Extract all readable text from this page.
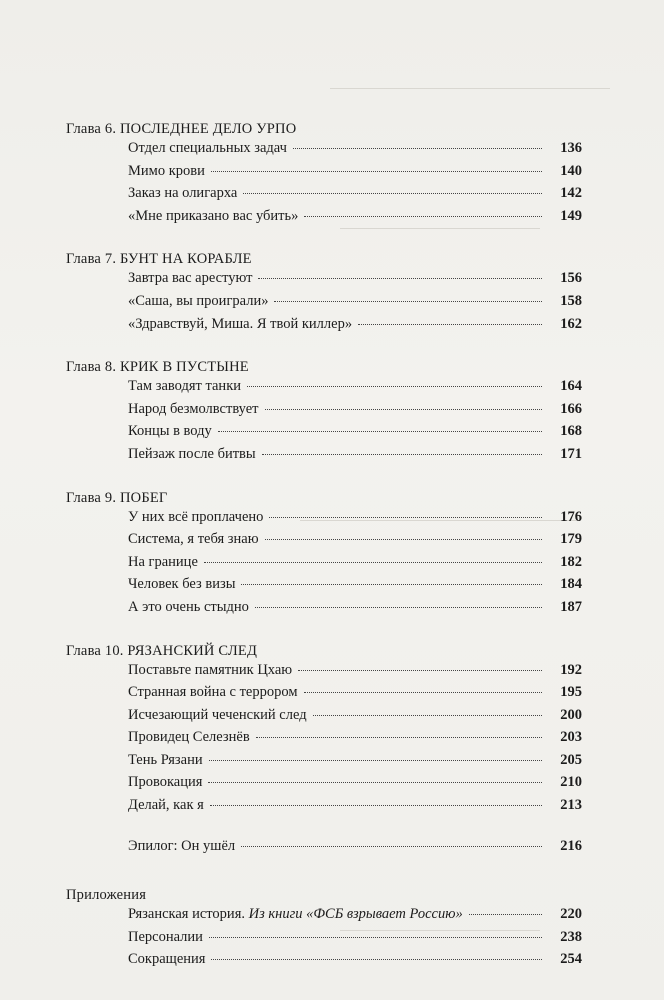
Глава 6. ПОСЛЕДНЕЕ ДЕЛО УРПО
Отдел специальных задач	136
Мимо крови	140
Заказ на олигарха	142
«Мне приказано вас убить»	149
Глава 7. БУНТ НА КОРАБЛЕ
Завтра вас арестуют	156
«Саша, вы проиграли»	158
«Здравствуй, Миша. Я твой киллер»	162
Глава 8. КРИК В ПУСТЫНЕ
Там заводят танки	164
Народ безмолвствует	166
Концы в воду	168
Пейзаж после битвы	171
Глава 9. ПОБЕГ
У них всё проплачено	176
Система, я тебя знаю	179
На границе	182
Человек без визы	184
А это очень стыдно	187
Глава 10. РЯЗАНСКИЙ СЛЕД
Поставьте памятник Цхаю	192
Странная война с террором	195
Исчезающий чеченский след	200
Провидец Селезнёв	203
Тень Рязани	205
Провокация	210
Делай, как я	213
Эпилог: Он ушёл	216
Приложения
Рязанская история. Из книги «ФСБ взрывает Россию»	220
Персоналии	238
Сокращения	254
